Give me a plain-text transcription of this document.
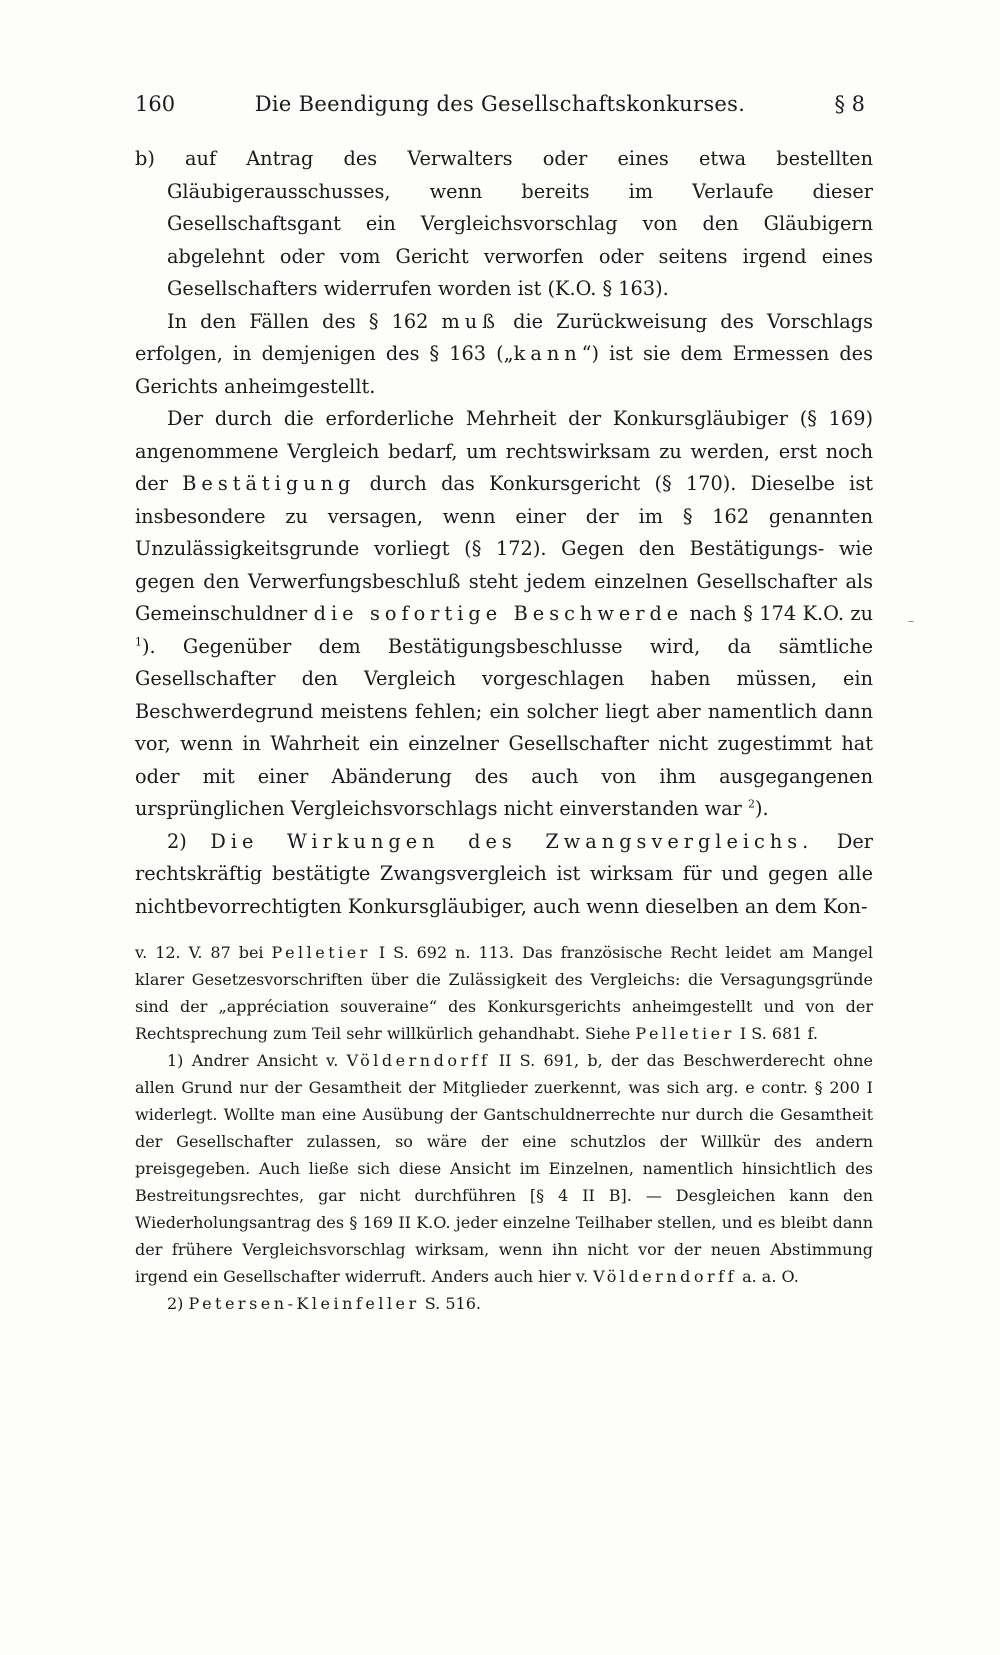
160	Die Beendigung des Gesellschaftskonkurses.	§ 8

b) auf Antrag des Verwalters oder eines etwa bestellten Gläubigerausschusses, wenn bereits im Verlaufe dieser Gesellschaftsgant ein Vergleichsvorschlag von den Gläubigern abgelehnt oder vom Gericht verworfen oder seitens irgend eines Gesellschafters widerrufen worden ist (K.O. § 163).

In den Fällen des § 162 muß die Zurückweisung des Vorschlags erfolgen, in demjenigen des § 163 („kann“) ist sie dem Ermessen des Gerichts anheimgestellt.

Der durch die erforderliche Mehrheit der Konkursgläubiger (§ 169) angenommene Vergleich bedarf, um rechtswirksam zu werden, erst noch der Bestätigung durch das Konkursgericht (§ 170). Dieselbe ist insbesondere zu versagen, wenn einer der im § 162 genannten Unzulässigkeitsgrunde vorliegt (§ 172). Gegen den Bestätigungs- wie gegen den Verwerfungsbeschluß steht jedem einzelnen Gesellschafter als Gemeinschuldner die sofortige Beschwerde nach § 174 K.O. zu $^1$). Gegenüber dem Bestätigungsbeschlusse wird, da sämtliche Gesellschafter den Vergleich vorgeschlagen haben müssen, ein Beschwerdegrund meistens fehlen; ein solcher liegt aber namentlich dann vor, wenn in Wahrheit ein einzelner Gesellschafter nicht zugestimmt hat oder mit einer Abänderung des auch von ihm ausgegangenen ursprünglichen Vergleichsvorschlags nicht einverstanden war $^2$).

2) Die Wirkungen des Zwangsvergleichs. Der rechtskräftig bestätigte Zwangsvergleich ist wirksam für und gegen alle nichtbevorrechtigten Konkursgläubiger, auch wenn dieselben an dem Kon-

v. 12. V. 87 bei Pelletier I S. 692 n. 113. Das französische Recht leidet am Mangel klarer Gesetzesvorschriften über die Zulässigkeit des Vergleichs: die Versagungsgründe sind der „appréciation souveraine“ des Konkursgerichts anheimgestellt und von der Rechtsprechung zum Teil sehr willkürlich gehandhabt. Siehe Pelletier I S. 681 f.

1) Andrer Ansicht v. Völderndorff II S. 691, b, der das Beschwerderecht ohne allen Grund nur der Gesamtheit der Mitglieder zuerkennt, was sich arg. e contr. § 200 I widerlegt. Wollte man eine Ausübung der Gantschuldnerrechte nur durch die Gesamtheit der Gesellschafter zulassen, so wäre der eine schutzlos der Willkür des andern preisgegeben. Auch ließe sich diese Ansicht im Einzelnen, namentlich hinsichtlich des Bestreitungsrechtes, gar nicht durchführen [§ 4 II B]. — Desgleichen kann den Wiederholungsantrag des § 169 II K.O. jeder einzelne Teilhaber stellen, und es bleibt dann der frühere Vergleichsvorschlag wirksam, wenn ihn nicht vor der neuen Abstimmung irgend ein Gesellschafter widerruft. Anders auch hier v. Völderndorff a. a. O.

2) Petersen-Kleinfeller S. 516.

–
